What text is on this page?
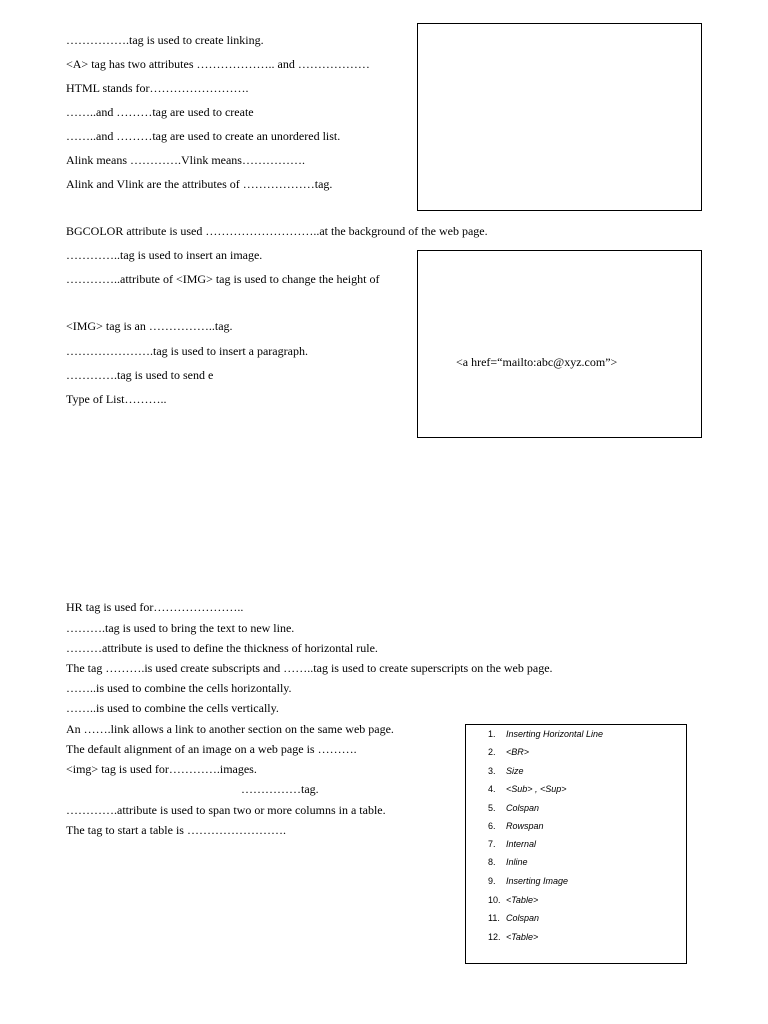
…………….tag is used to create linking.
<A> tag has two attributes ……………….. and ………………
HTML stands for…………………….
……..and ………tag are used to create
……..and ………tag are used to create an unordered list.
Alink means ………….Vlink means…………….
Alink and Vlink are the attributes of ………………tag.
BGCOLOR attribute is used ………………………..at the background of the web page.
…………..tag is used to insert an image.
…………..attribute of <IMG> tag is used to change the height of
<IMG> tag is an ……………..tag.
………………….tag is used to insert a paragraph.
………….tag is used to send e
Type of List………..
<a href=“mailto:abc@xyz.com”>
HR tag is used for…………………..
……….tag is used to bring the text to new line.
………attribute is used to define the thickness of horizontal rule.
The tag ……….is used create subscripts and ……..tag is used to create superscripts on the web page.
……..is used to combine the cells horizontally.
……..is used to combine the cells vertically.
An …….link allows a link to another section on the same web page.
The default alignment of an image on a web page is ……….
<img> tag is used for………….images.
……………tag.
………….attribute is used to span two or more columns in a table.
The tag to start a table is …………………….
1. Inserting Horizontal Line
2. <BR>
3. Size
4. <Sub> , <Sup>
5. Colspan
6. Rowspan
7. Internal
8. Inline
9. Inserting Image
10. <Table>
11. Colspan
12. <Table>
